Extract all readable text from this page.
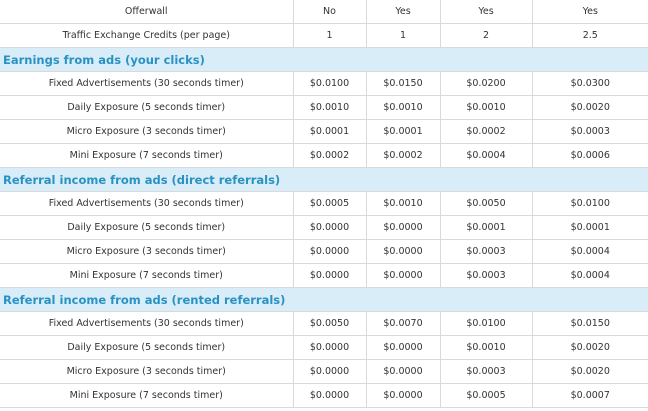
Offerwall	No	Yes	Yes	Yes
Traffic Exchange Credits (per page)	1	1	2	2.5
Earnings from ads (your clicks)				
Fixed Advertisements (30 seconds timer)	$0.0100	$0.0150	$0.0200	$0.0300
Daily Exposure (5 seconds timer)	$0.0010	$0.0010	$0.0010	$0.0020
Micro Exposure (3 seconds timer)	$0.0001	$0.0001	$0.0002	$0.0003
Mini Exposure (7 seconds timer)	$0.0002	$0.0002	$0.0004	$0.0006
Referral income from ads (direct referrals)				
Fixed Advertisements (30 seconds timer)	$0.0005	$0.0010	$0.0050	$0.0100
Daily Exposure (5 seconds timer)	$0.0000	$0.0000	$0.0001	$0.0001
Micro Exposure (3 seconds timer)	$0.0000	$0.0000	$0.0003	$0.0004
Mini Exposure (7 seconds timer)	$0.0000	$0.0000	$0.0003	$0.0004
Referral income from ads (rented referrals)				
Fixed Advertisements (30 seconds timer)	$0.0050	$0.0070	$0.0100	$0.0150
Daily Exposure (5 seconds timer)	$0.0000	$0.0000	$0.0010	$0.0020
Micro Exposure (3 seconds timer)	$0.0000	$0.0000	$0.0003	$0.0020
Mini Exposure (7 seconds timer)	$0.0000	$0.0000	$0.0005	$0.0007
